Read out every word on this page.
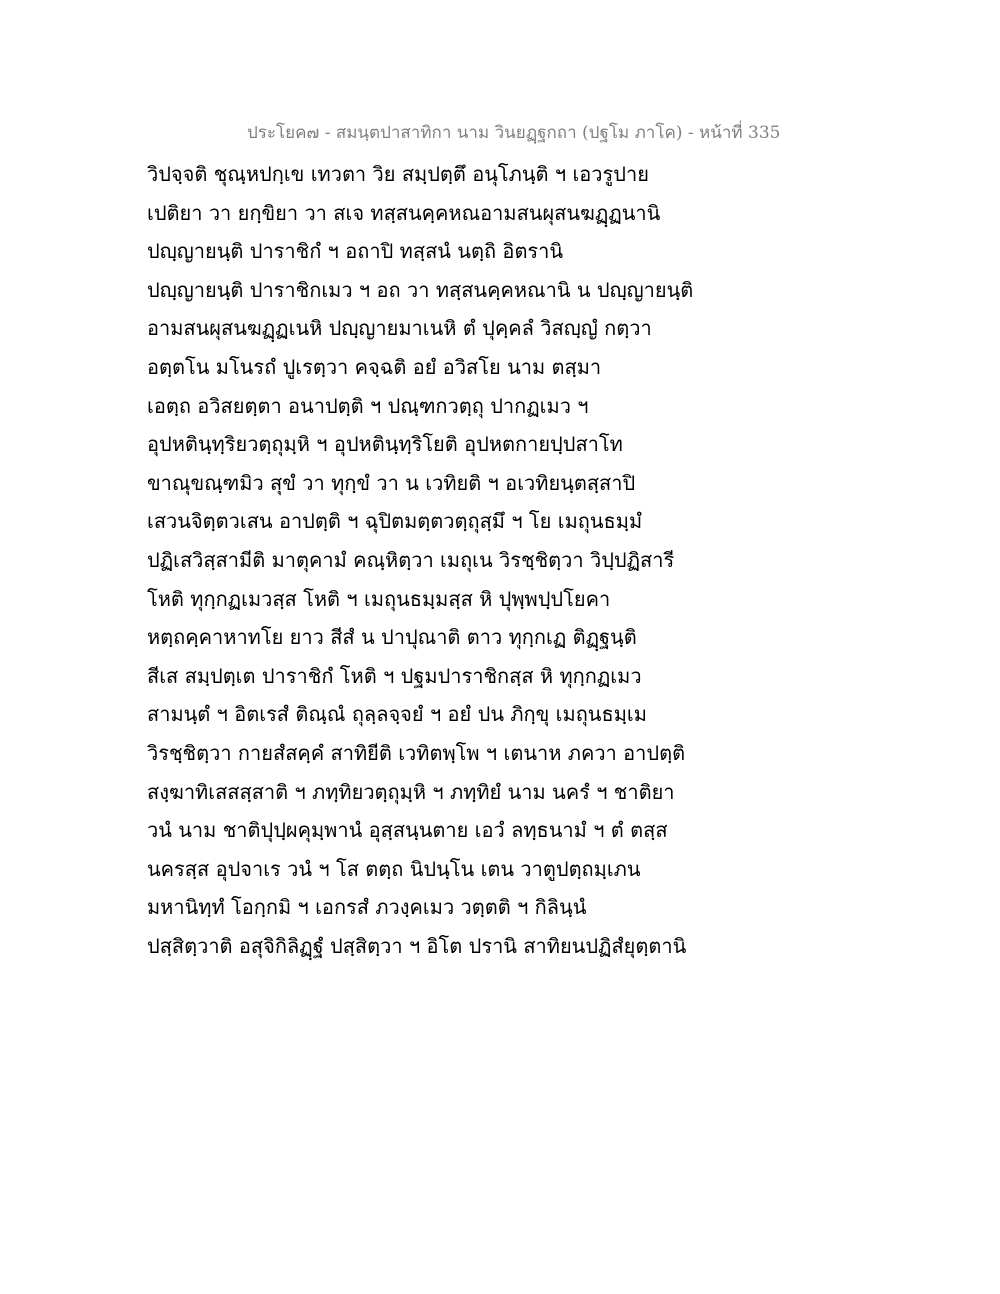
ประโยค๗ - สมนฺตปาสาทิกา นาม วินยฏฺฐกถา (ปฐโม ภาโค) - หน้าที่ 335
วิปจฺจติ ชุณฺหปกฺเข เทวตา วิย สมฺปตฺตึ อนุโภนฺติ ฯ เอวรูปาย
เปติยา วา ยกฺขิยา วา สเจ ทสฺสนคฺคหณอามสนผุสนฆฏฺฏนานิ
ปญฺญายนฺติ ปาราชิกํ ฯ อถาปิ ทสฺสนํ นตฺถิ อิตรานิ
ปญฺญายนฺติ ปาราชิกเมว ฯ อถ วา ทสฺสนคฺคหณานิ น ปญฺญายนฺติ
อามสนผุสนฆฏฺฏเนหิ ปญฺญายมาเนหิ ตํ ปุคฺคลํ วิสญฺญํ กตฺวา
อตฺตโน มโนรถํ ปูเรตฺวา คจฺฉติ อยํ อวิสโย นาม ตสฺมา
เอตฺถ อวิสยตฺตา อนาปตฺติ ฯ ปณฺฑกวตฺถุ ปากฏเมว ฯ
อุปหตินฺทฺริยวตฺถุมฺหิ ฯ อุปหตินฺทฺริโยติ อุปหตกายปฺปสาโท
ขาณุขณฺฑมิว สุขํ วา ทุกฺขํ วา น เวทิยติ ฯ อเวทิยนฺตสฺสาปิ
เสวนจิตฺตวเสน อาปตฺติ ฯ ฉุปิตมตฺตวตฺถุสฺมึ ฯ โย เมถุนธมฺมํ
ปฏิเสวิสฺสามีติ มาตุคามํ คณฺหิตฺวา เมถุเน วิรชฺชิตฺวา วิปฺปฏิสารี
โหติ ทุกฺกฏเมวสฺส โหติ ฯ เมถุนธมฺมสฺส หิ ปุพฺพปฺปโยคา
หตฺถคฺคาหาทโย ยาว สีสํ น ปาปุณาติ ตาว ทุกฺกเฏ ติฏฺฐนฺติ
สีเส สมฺปตฺเต ปาราชิกํ โหติ ฯ ปฐมปาราชิกสฺส หิ ทุกฺกฏเมว
สามนฺตํ ฯ อิตเรสํ ติณฺณํ ถุลฺลจฺจยํ ฯ อยํ ปน ภิกฺขุ เมถุนธมฺเม
วิรชฺชิตฺวา กายสํสคฺคํ สาทิยีติ เวทิตพฺโพ ฯ เตนาห ภควา อาปตฺติ
สงฺฆาทิเสสสฺสาติ ฯ ภทฺทิยวตฺถุมฺหิ ฯ ภทฺทิยํ นาม นครํ ฯ ชาติยา
วนํ นาม ชาติปุปฺผคุมฺพานํ อุสฺสนฺนตาย เอวํ ลทฺธนามํ ฯ ตํ ตสฺส
นครสฺส อุปจาเร วนํ ฯ โส ตตฺถ นิปนฺโน เตน วาตูปตฺถมฺเภน
มหานิทฺทํ โอกฺกมิ ฯ เอกรสํ ภวงฺคเมว วตฺตติ ฯ กิลินฺนํ
ปสฺสิตฺวาติ อสุจิกิลิฏฺฐํ ปสฺสิตฺวา ฯ อิโต ปรานิ สาทิยนปฏิสํยุตฺตานิ
